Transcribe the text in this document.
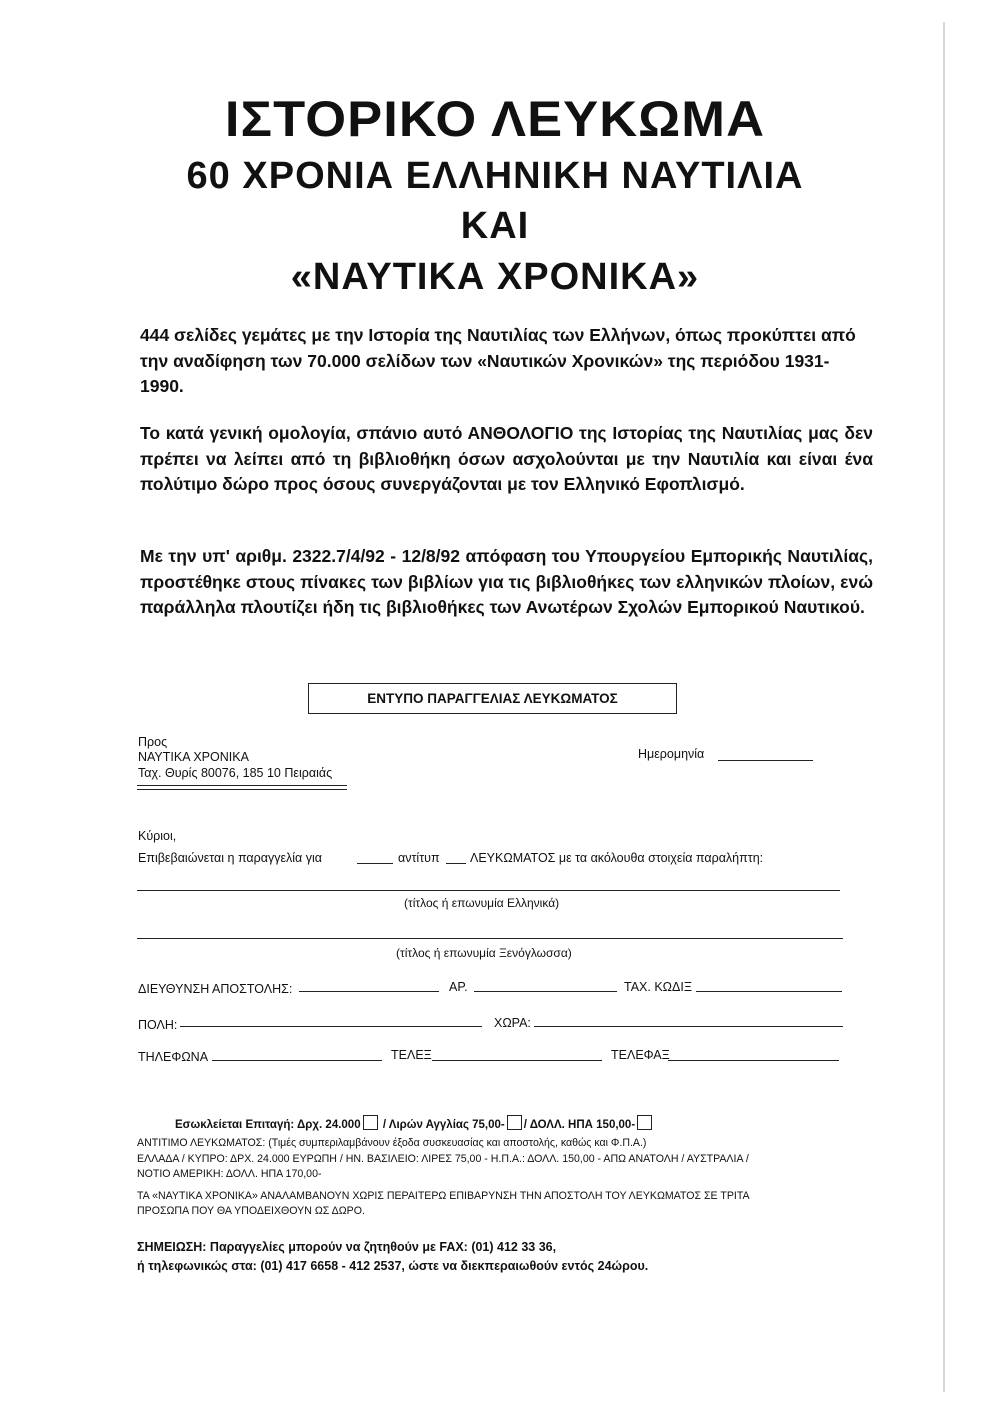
ΙΣΤΟΡΙΚΟ ΛΕΥΚΩΜΑ
60 ΧΡΟΝΙΑ ΕΛΛΗΝΙΚΗ ΝΑΥΤΙΛΙΑ
ΚΑΙ
«ΝΑΥΤΙΚΑ ΧΡΟΝΙΚΑ»

444 σελίδες γεμάτες με την Ιστορία της Ναυτιλίας των Ελλήνων, όπως προκύπτει από την αναδίφηση των 70.000 σελίδων των «Ναυτικών Χρονικών» της περιόδου 1931-1990.

Το κατά γενική ομολογία, σπάνιο αυτό ΑΝΘΟΛΟΓΙΟ της Ιστορίας της Ναυτιλίας μας δεν πρέπει να λείπει από τη βιβλιοθήκη όσων ασχολούνται με την Ναυτιλία και είναι ένα πολύτιμο δώρο προς όσους συνεργάζονται με τον Ελληνικό Εφοπλισμό.

Με την υπ' αριθμ. 2322.7/4/92 - 12/8/92 απόφαση του Υπουργείου Εμπορικής Ναυτιλίας, προστέθηκε στους πίνακες των βιβλίων για τις βιβλιοθήκες των ελληνικών πλοίων, ενώ παράλληλα πλουτίζει ήδη τις βιβλιοθήκες των Ανωτέρων Σχολών Εμπορικού Ναυτικού.

ΕΝΤΥΠΟ ΠΑΡΑΓΓΕΛΙΑΣ ΛΕΥΚΩΜΑΤΟΣ
Προς
ΝΑΥΤΙΚΑ ΧΡΟΝΙΚΑ
Ταχ. Θυρίς 80076, 185 10 Πειραιάς
Ημερομηνία
Κύριοι,
Επιβεβαιώνεται η παραγγελία για	αντίτυπ ΛΕΥΚΩΜΑΤΟΣ με τα ακόλουθα στοιχεία παραλήπτη:
(τίτλος ή επωνυμία Ελληνικά)
(τίτλος ή επωνυμία Ξενόγλωσσα)
ΔΙΕΥΘΥΝΣΗ ΑΠΟΣΤΟΛΗΣ:	ΑΡ.	ΤΑΧ. ΚΩΔΙΞ
ΠΟΛΗ:	ΧΩΡΑ:
ΤΗΛΕΦΩΝΑ	ΤΕΛΕΞ	ΤΕΛΕΦΑΞ
Εσωκλείεται Επιταγή: Δρχ. 24.000 / Λιρών Αγγλίας 75,00- / ΔΟΛΛ. ΗΠΑ 150,00-

ΑΝΤΙΤΙΜΟ ΛΕΥΚΩΜΑΤΟΣ: (Τιμές συμπεριλαμβάνουν έξοδα συσκευασίας και αποστολής, καθώς και Φ.Π.Α.)

ΕΛΛΑΔΑ / ΚΥΠΡΟ: ΔΡΧ. 24.000 ΕΥΡΩΠΗ / ΗΝ. ΒΑΣΙΛΕΙΟ: ΛΙΡΕΣ 75,00 - Η.Π.Α.: ΔΟΛΛ. 150,00 - ΑΠΩ ΑΝΑΤΟΛΗ / ΑΥΣΤΡΑΛΙΑ /

ΝΟΤΙΟ ΑΜΕΡΙΚΗ: ΔΟΛΛ. ΗΠΑ 170,00-

ΤΑ «ΝΑΥΤΙΚΑ ΧΡΟΝΙΚΑ» ΑΝΑΛΑΜΒΑΝΟΥΝ ΧΩΡΙΣ ΠΕΡΑΙΤΕΡΩ ΕΠΙΒΑΡΥΝΣΗ ΤΗΝ ΑΠΟΣΤΟΛΗ ΤΟΥ ΛΕΥΚΩΜΑΤΟΣ ΣΕ ΤΡΙΤΑ

ΠΡΟΣΩΠΑ ΠΟΥ ΘΑ ΥΠΟΔΕΙΧΘΟΥΝ ΩΣ ΔΩΡΟ.

ΣΗΜΕΙΩΣΗ: Παραγγελίες μπορούν να ζητηθούν με FAX: (01) 412 33 36,

ή τηλεφωνικώς στα: (01) 417 6658 - 412 2537, ώστε να διεκπεραιωθούν εντός 24ώρου.
